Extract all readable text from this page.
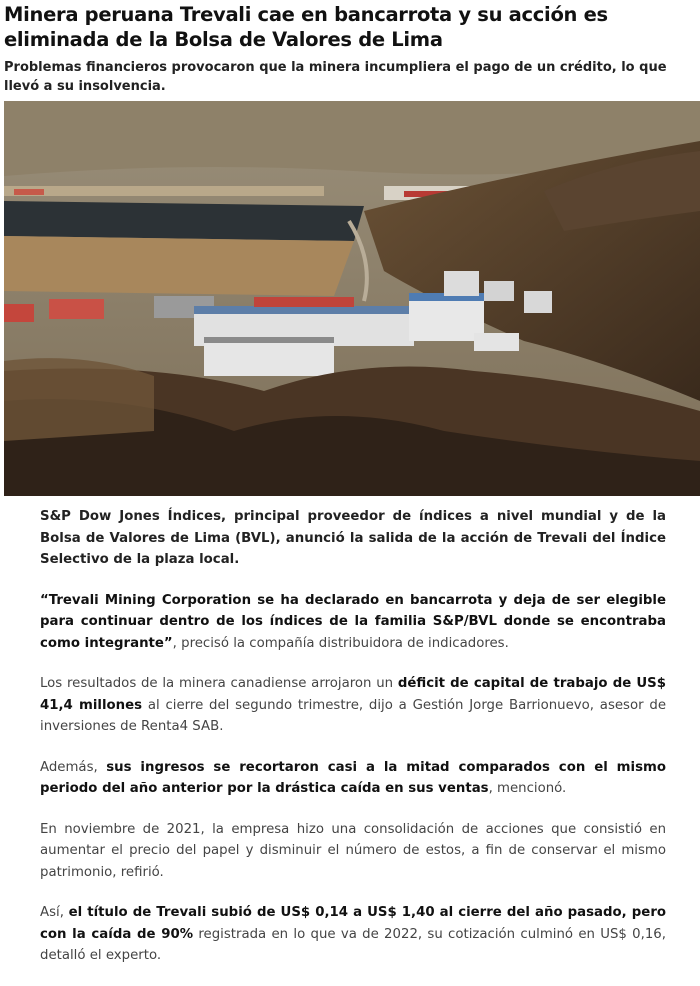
Minera peruana Trevali cae en bancarrota y su acción es eliminada de la Bolsa de Valores de Lima

Problemas financieros provocaron que la minera incumpliera el pago de un crédito, lo que llevó a su insolvencia.

S&P Dow Jones Índices, principal proveedor de índices a nivel mundial y de la Bolsa de Valores de Lima (BVL), anunció la salida de la acción de Trevali del Índice Selectivo de la plaza local.

“Trevali Mining Corporation se ha declarado en bancarrota y deja de ser elegible para continuar dentro de los índices de la familia S&P/BVL donde se encontraba como integrante”, precisó la compañía distribuidora de indicadores.

Los resultados de la minera canadiense arrojaron un déficit de capital de trabajo de US$ 41,4 millones al cierre del segundo trimestre, dijo a Gestión Jorge Barrionuevo, asesor de inversiones de Renta4 SAB.

Además, sus ingresos se recortaron casi a la mitad comparados con el mismo periodo del año anterior por la drástica caída en sus ventas, mencionó.

En noviembre de 2021, la empresa hizo una consolidación de acciones que consistió en aumentar el precio del papel y disminuir el número de estos, a fin de conservar el mismo patrimonio, refirió.

Así, el título de Trevali subió de US$ 0,14 a US$ 1,40 al cierre del año pasado, pero con la caída de 90% registrada en lo que va de 2022, su cotización culminó en US$ 0,16, detalló el experto.
